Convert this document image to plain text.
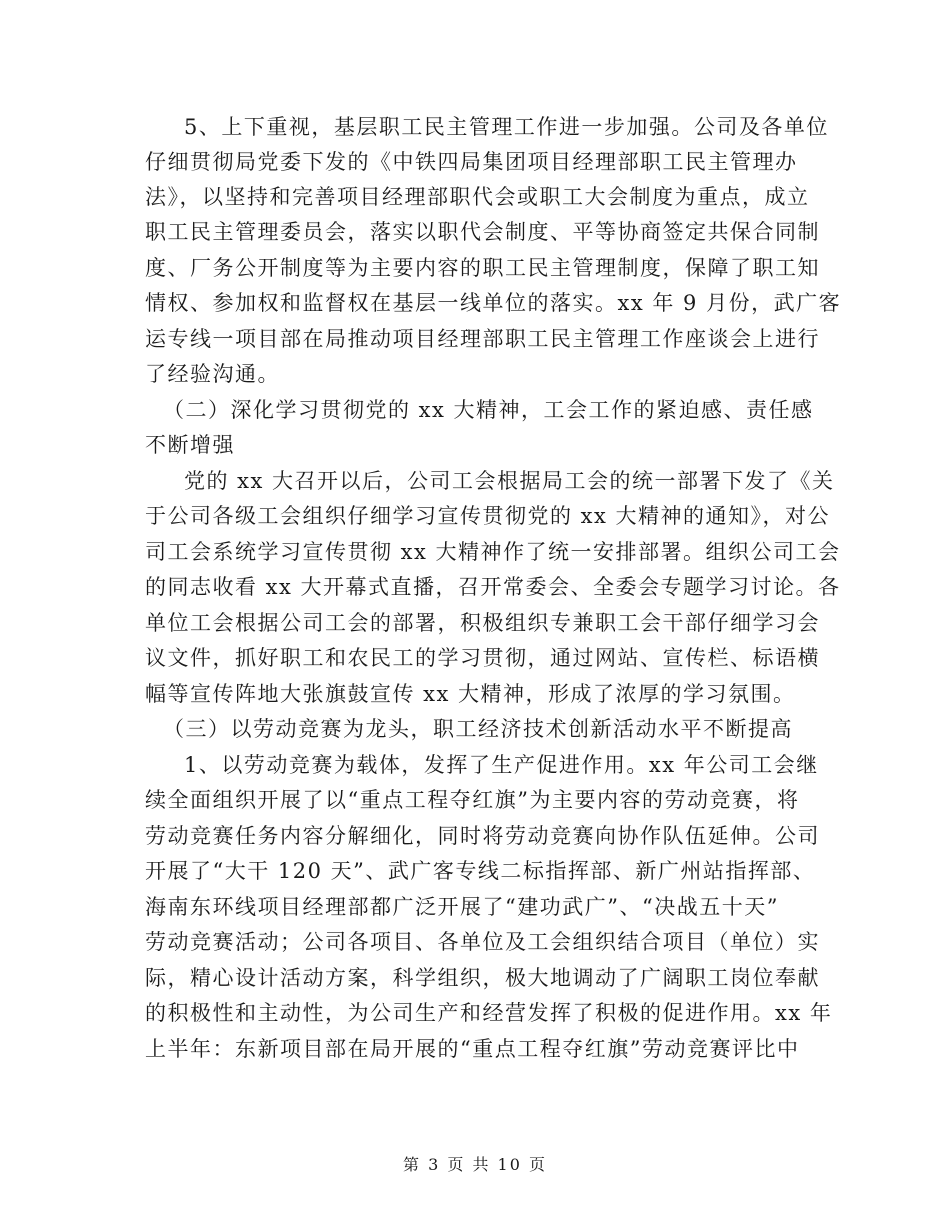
5、上下重视，基层职工民主管理工作进一步加强。公司及各单位
仔细贯彻局党委下发的《中铁四局集团项目经理部职工民主管理办
法》，以坚持和完善项目经理部职代会或职工大会制度为重点，成立
职工民主管理委员会，落实以职代会制度、平等协商签定共保合同制
度、厂务公开制度等为主要内容的职工民主管理制度，保障了职工知
情权、参加权和监督权在基层一线单位的落实。xx 年 9 月份，武广客
运专线一项目部在局推动项目经理部职工民主管理工作座谈会上进行
了经验沟通。
（二）深化学习贯彻党的 xx 大精神，工会工作的紧迫感、责任感
不断增强
党的 xx 大召开以后，公司工会根据局工会的统一部署下发了《关
于公司各级工会组织仔细学习宣传贯彻党的 xx 大精神的通知》，对公
司工会系统学习宣传贯彻 xx 大精神作了统一安排部署。组织公司工会
的同志收看 xx 大开幕式直播，召开常委会、全委会专题学习讨论。各
单位工会根据公司工会的部署，积极组织专兼职工会干部仔细学习会
议文件，抓好职工和农民工的学习贯彻，通过网站、宣传栏、标语横
幅等宣传阵地大张旗鼓宣传 xx 大精神，形成了浓厚的学习氛围。
（三）以劳动竞赛为龙头，职工经济技术创新活动水平不断提高
1、以劳动竞赛为载体，发挥了生产促进作用。xx 年公司工会继
续全面组织开展了以“重点工程夺红旗”为主要内容的劳动竞赛，将
劳动竞赛任务内容分解细化，同时将劳动竞赛向协作队伍延伸。公司
开展了“大干 120 天”、武广客专线二标指挥部、新广州站指挥部、
海南东环线项目经理部都广泛开展了“建功武广”、“决战五十天”
劳动竞赛活动；公司各项目、各单位及工会组织结合项目（单位）实
际，精心设计活动方案，科学组织，极大地调动了广阔职工岗位奉献
的积极性和主动性，为公司生产和经营发挥了积极的促进作用。xx 年
上半年：东新项目部在局开展的“重点工程夺红旗”劳动竞赛评比中
第 3 页 共 10 页
